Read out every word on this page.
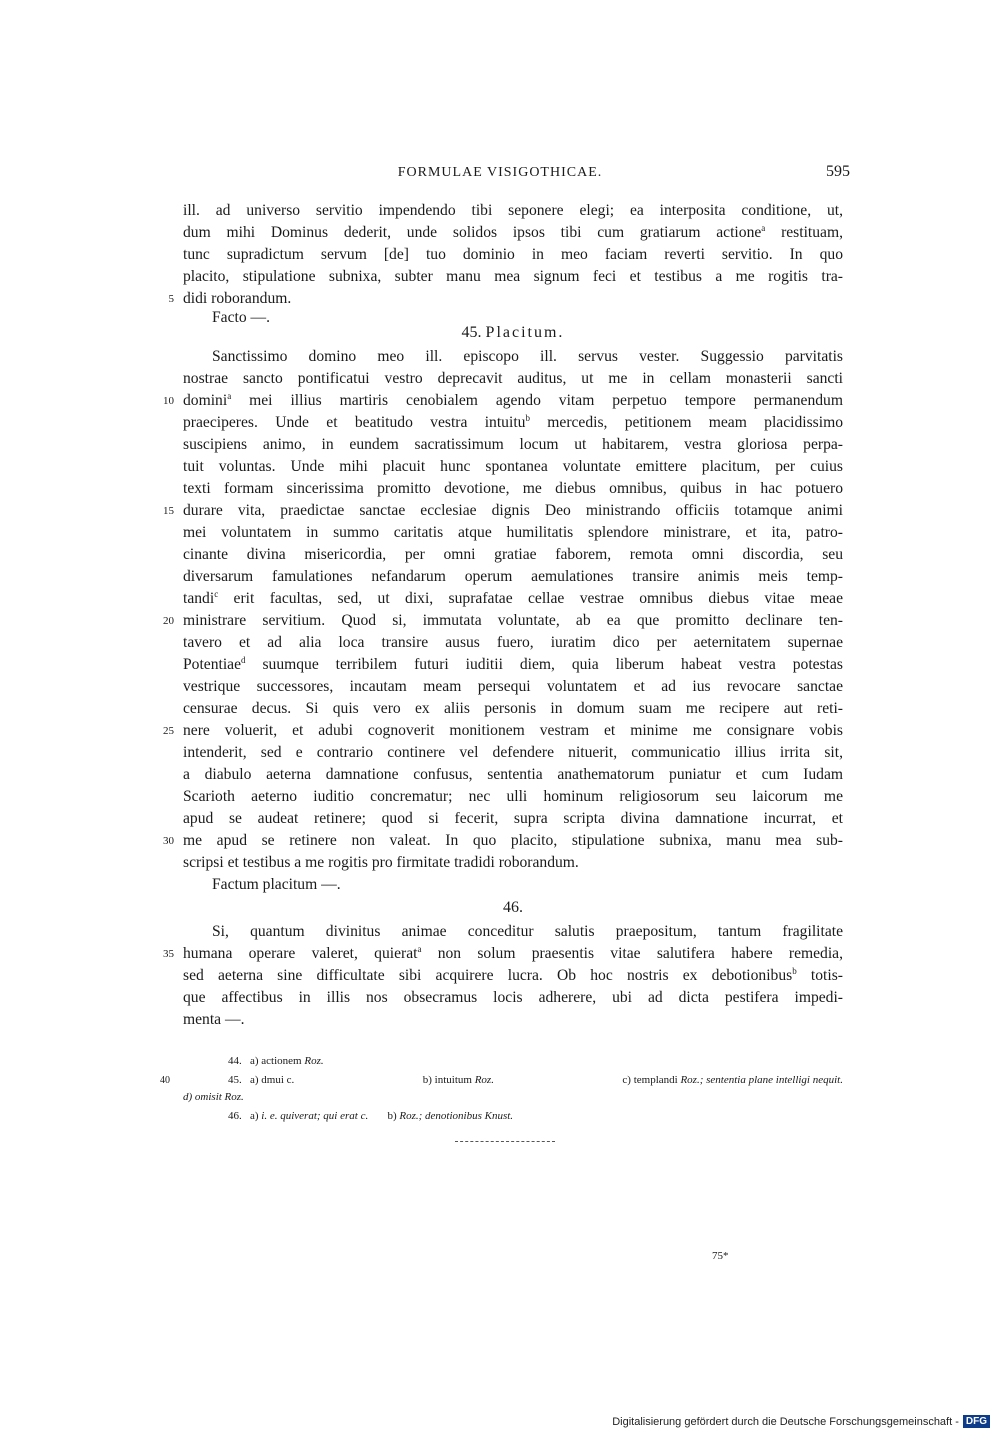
FORMULAE VISIGOTHICAE.	595
ill. ad universo servitio impendendo tibi seponere elegi; ea interposita conditione, ut,
dum mihi Dominus dederit, unde solidos ipsos tibi cum gratiarum actione$^a$ restituam,
tunc supradictum servum [de] tuo dominio in meo faciam reverti servitio. In quo
placito, stipulatione subnixa, subter manu mea signum feci et testibus a me rogitis tra-
5 didi roborandum.
Facto —.
45. Placitum.
Sanctissimo domino meo ill. episcopo ill. servus vester. Suggessio parvitatis
nostrae sancto pontificatui vestro deprecavit auditus, ut me in cellam monasterii sancti
10 domini$^a$ mei illius martiris cenobialem agendo vitam perpetuo tempore permanendum
praeciperes. Unde et beatitudo vestra intuitu$^b$ mercedis, petitionem meam placidissimo
suscipiens animo, in eundem sacratissimum locum ut habitarem, vestra gloriosa perpa-
tuit voluntas. Unde mihi placuit hunc spontanea voluntate emittere placitum, per cuius
texti formam sincerissima promitto devotione, me diebus omnibus, quibus in hac potuero
15 durare vita, praedictae sanctae ecclesiae dignis Deo ministrando officiis totamque animi
mei voluntatem in summo caritatis atque humilitatis splendore ministrare, et ita, patro-
cinante divina misericordia, per omni gratiae faborem, remota omni discordia, seu
diversarum famulationes nefandarum operum aemulationes transire animis meis temp-
tandi$^c$ erit facultas, sed, ut dixi, suprafatae cellae vestrae omnibus diebus vitae meae
20 ministrare servitium. Quod si, immutata voluntate, ab ea que promitto declinare ten-
tavero et ad alia loca transire ausus fuero, iuratim dico per aeternitatem supernae
Potentiae$^d$ suumque terribilem futuri iuditii diem, quia liberum habeat vestra potestas
vestrique successores, incautam meam persequi voluntatem et ad ius revocare sanctae
censurae decus. Si quis vero ex aliis personis in domum suam me recipere aut reti-
25 nere voluerit, et adubi cognoverit monitionem vestram et minime me consignare vobis
intenderit, sed e contrario continere vel defendere nituerit, communicatio illius irrita sit,
a diabulo aeterna damnatione confusus, sententia anathematorum puniatur et cum Iudam
Scarioth aeterno iuditio concrematur; nec ulli hominum religiosorum seu laicorum me
apud se audeat retinere; quod si fecerit, supra scripta divina damnatione incurrat, et
30 me apud se retinere non valeat. In quo placito, stipulatione subnixa, manu mea sub-
scripsi et testibus a me rogitis pro firmitate tradidi roborandum.
Factum placitum —.
46.
Si, quantum divinitus animae conceditur salutis praepositum, tantum fragilitate
35 humana operare valeret, quierat$^a$ non solum praesentis vitae salutifera habere remedia,
sed aeterna sine difficultate sibi acquirere lucra. Ob hoc nostris ex debotionibus$^b$ totis-
que affectibus in illis nos obsecramus locis adherere, ubi ad dicta pestifera impedi-
menta —.
44. a) actionem Roz.
40	45. a) dmui c.	b) intuitum Roz.	c) templandi Roz.; sententia plane intelligi nequit.
d) omisit Roz.
46. a) i. e. quiverat; qui erat c. b) Roz.; denotionibus Knust.
75*
Digitalisierung gefördert durch die Deutsche Forschungsgemeinschaft - DFG
